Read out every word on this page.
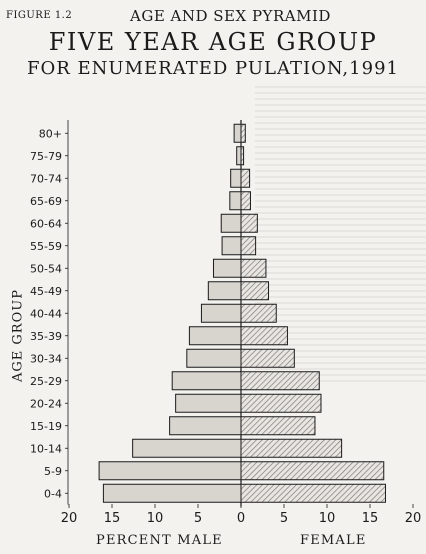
FIGURE 1.2	AGE AND SEX PYRAMID
FIVE YEAR AGE GROUP
FOR ENUMERATED PULATION,1991
AGE GROUP
80+
75-79
70-74
65-69
60-64
55-59
50-54
45-49
40-44
35-39
30-34
25-29
20-24
15-19
10-14
5-9
0-4
20 15 10 5	0	5 10 15 20
PERCENT MALE	FEMALE
